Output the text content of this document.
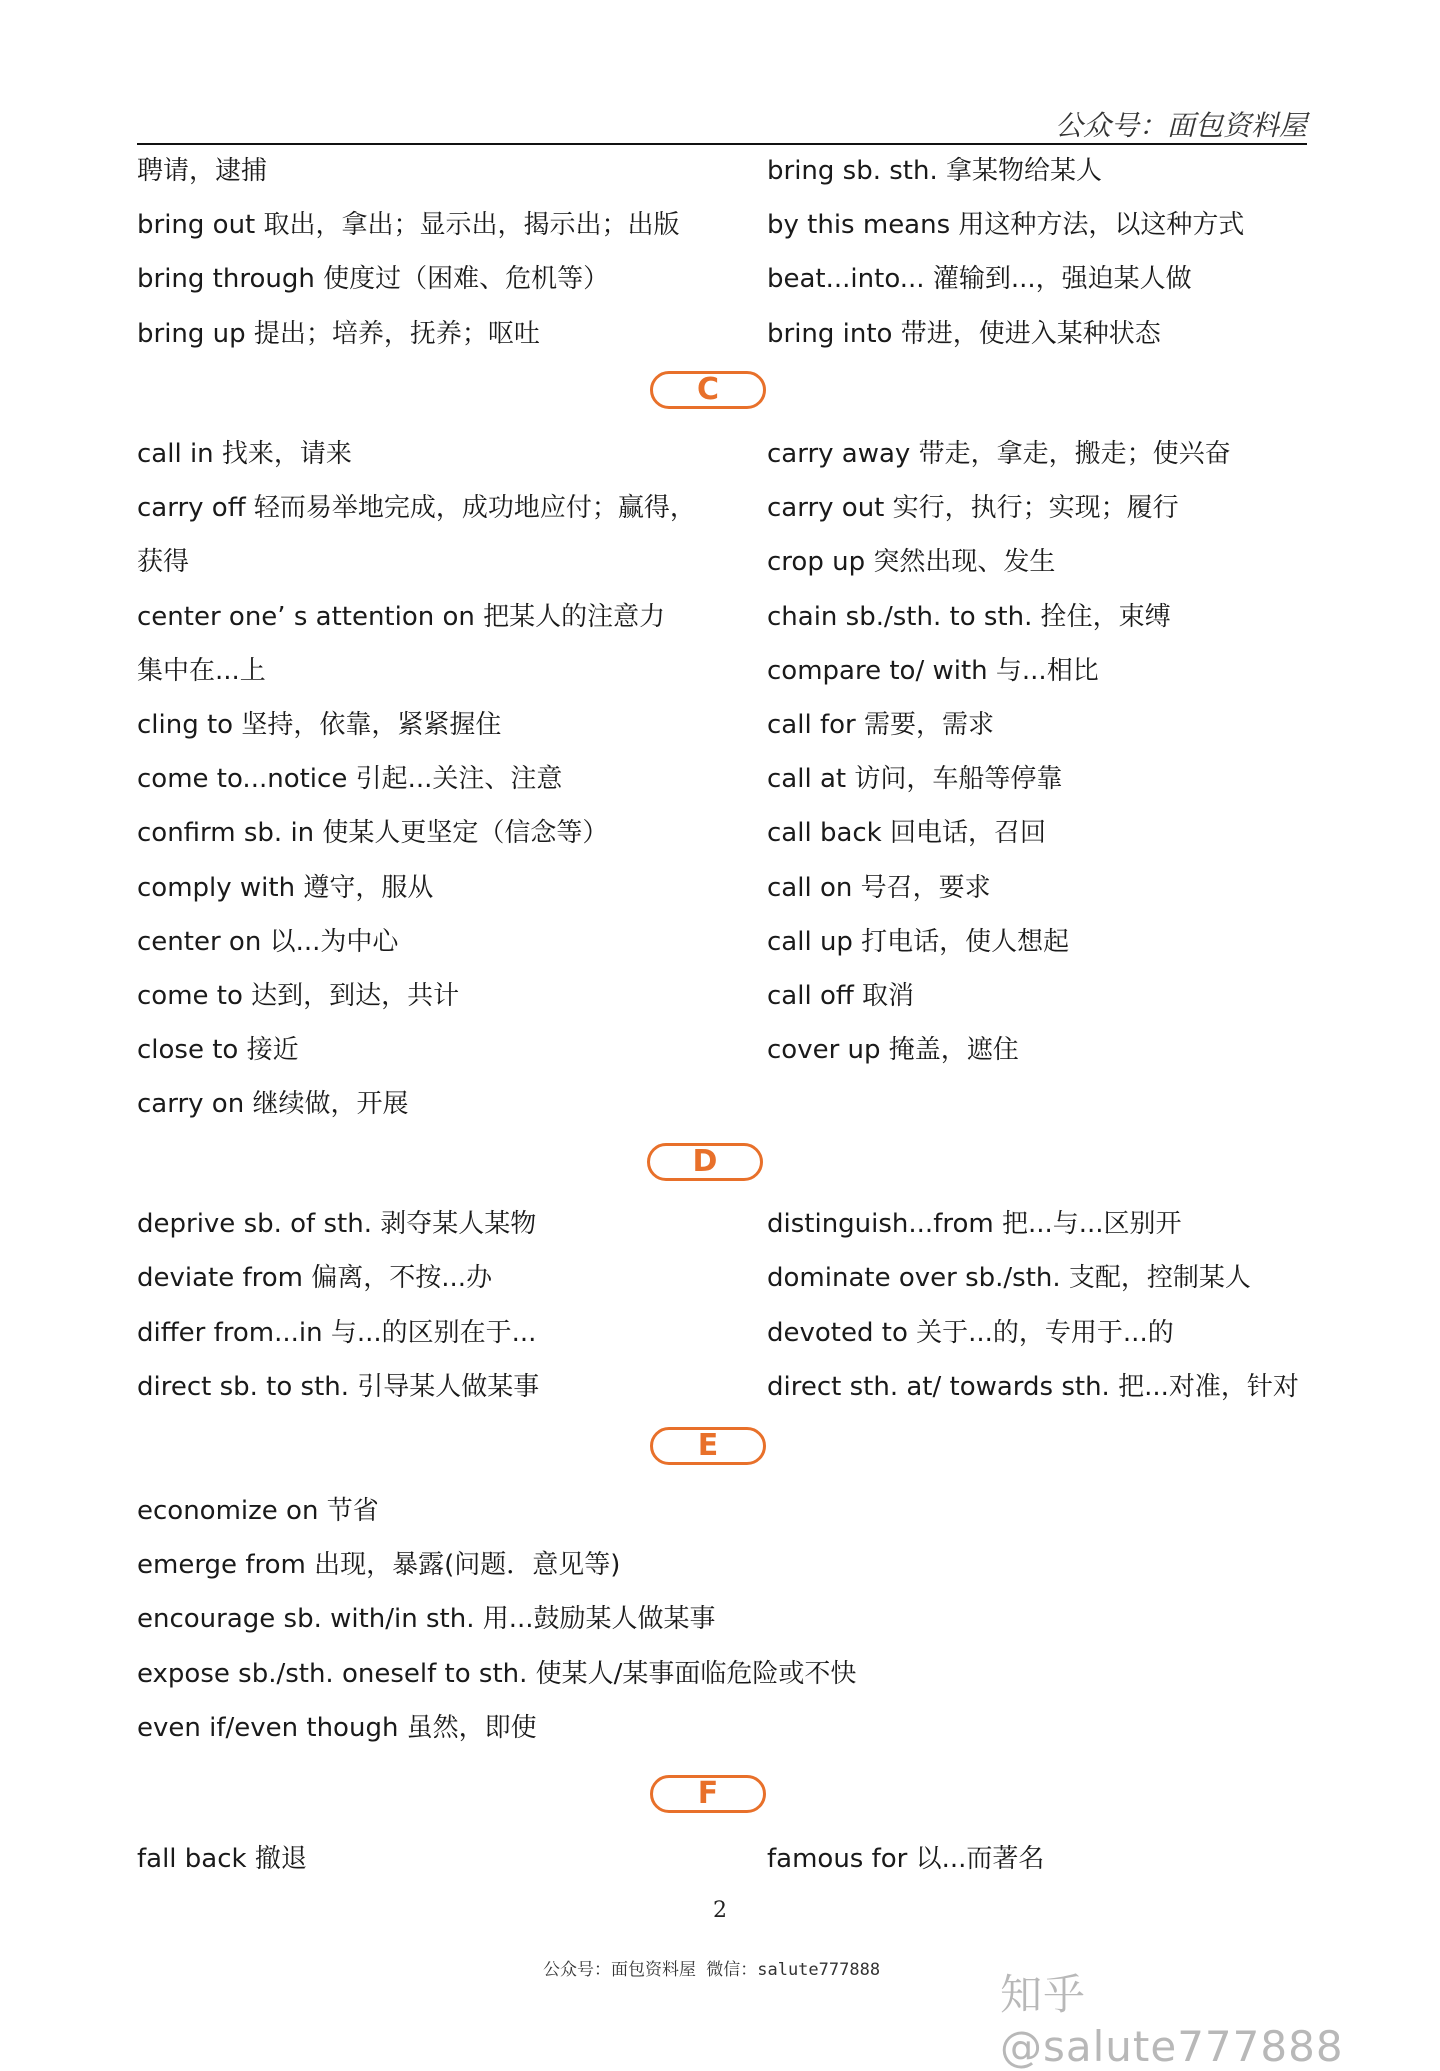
公众号：面包资料屋
聘请，逮捕	bring sb. sth. 拿某物给某人
bring out 取出，拿出；显示出，揭示出；出版	by this means 用这种方法，以这种方式
bring through 使度过（困难、危机等）	beat...into... 灌输到...，强迫某人做
bring up 提出；培养，抚养；呕吐	bring into 带进，使进入某种状态
C
call in 找来，请来	carry away 带走，拿走，搬走；使兴奋
carry off 轻而易举地完成，成功地应付；赢得，	carry out 实行，执行；实现；履行
获得	crop up 突然出现、发生
center one’ s attention on 把某人的注意力	chain sb./sth. to sth. 拴住，束缚
集中在...上	compare to/ with 与...相比
cling to 坚持，依靠，紧紧握住	call for 需要，需求
come to...notice 引起...关注、注意	call at 访问，车船等停靠
confirm sb. in 使某人更坚定（信念等）	call back 回电话，召回
comply with 遵守，服从	call on 号召，要求
center on 以...为中心	call up 打电话，使人想起
come to 达到，到达，共计	call off 取消
close to 接近	cover up 掩盖，遮住
carry on 继续做，开展
D
deprive sb. of sth. 剥夺某人某物	distinguish...from 把...与...区别开
deviate from 偏离，不按...办	dominate over sb./sth. 支配，控制某人
differ from...in 与...的区别在于...	devoted to 关于...的，专用于...的
direct sb. to sth. 引导某人做某事	direct sth. at/ towards sth. 把...对准，针对
E
economize on 节省
emerge from 出现，暴露(问题．意见等)
encourage sb. with/in sth. 用...鼓励某人做某事
expose sb./sth. oneself to sth. 使某人/某事面临危险或不快
even if/even though 虽然，即使
F
fall back 撤退	famous for 以...而著名
2
公众号：面包资料屋 微信：salute777888	知乎 @salute777888
